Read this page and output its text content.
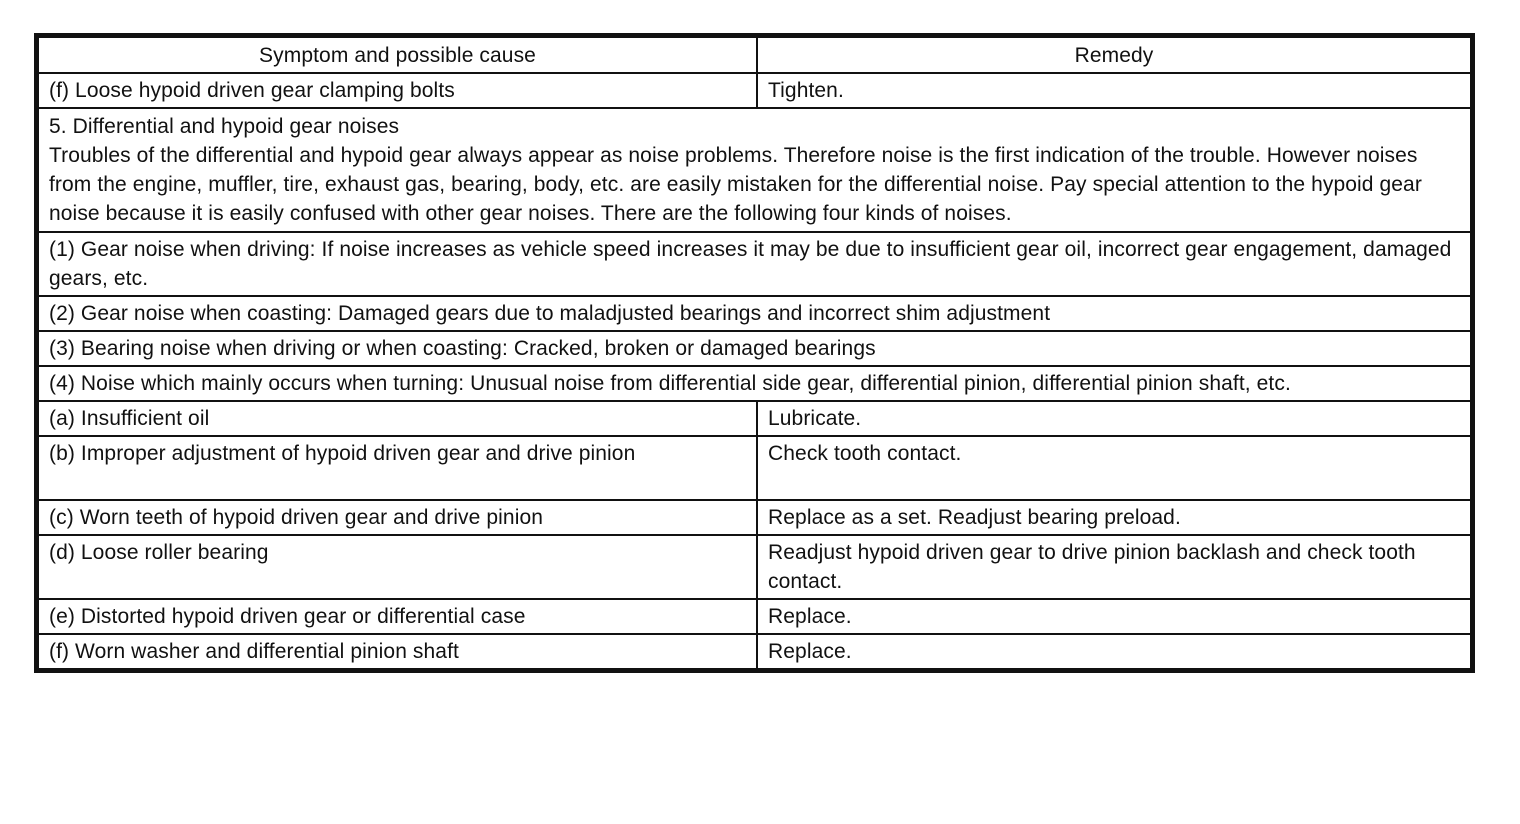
Symptom and possible cause	Remedy
(f) Loose hypoid driven gear clamping bolts	Tighten.

5. Differential and hypoid gear noises
Troubles of the differential and hypoid gear always appear as noise problems. Therefore noise is the first indication of the trouble. However noises from the engine, muffler, tire, exhaust gas, bearing, body, etc. are easily mistaken for the differential noise. Pay special attention to the hypoid gear noise because it is easily confused with other gear noises. There are the following four kinds of noises.	

(1) Gear noise when driving: If noise increases as vehicle speed increases it may be due to insufficient gear oil, incorrect gear engagement, damaged gears, etc.	
(2) Gear noise when coasting: Damaged gears due to maladjusted bearings and incorrect shim adjustment	
(3) Bearing noise when driving or when coasting: Cracked, broken or damaged bearings	
(4) Noise which mainly occurs when turning: Unusual noise from differential side gear, differential pinion, differential pinion shaft, etc.	
(a) Insufficient oil	Lubricate.
(b) Improper adjustment of hypoid driven gear and drive pinion	Check tooth contact.
(c) Worn teeth of hypoid driven gear and drive pinion	Replace as a set. Readjust bearing preload.
(d) Loose roller bearing	Readjust hypoid driven gear to drive pinion backlash and check tooth contact.
(e) Distorted hypoid driven gear or differential case	Replace.
(f) Worn washer and differential pinion shaft	Replace.
